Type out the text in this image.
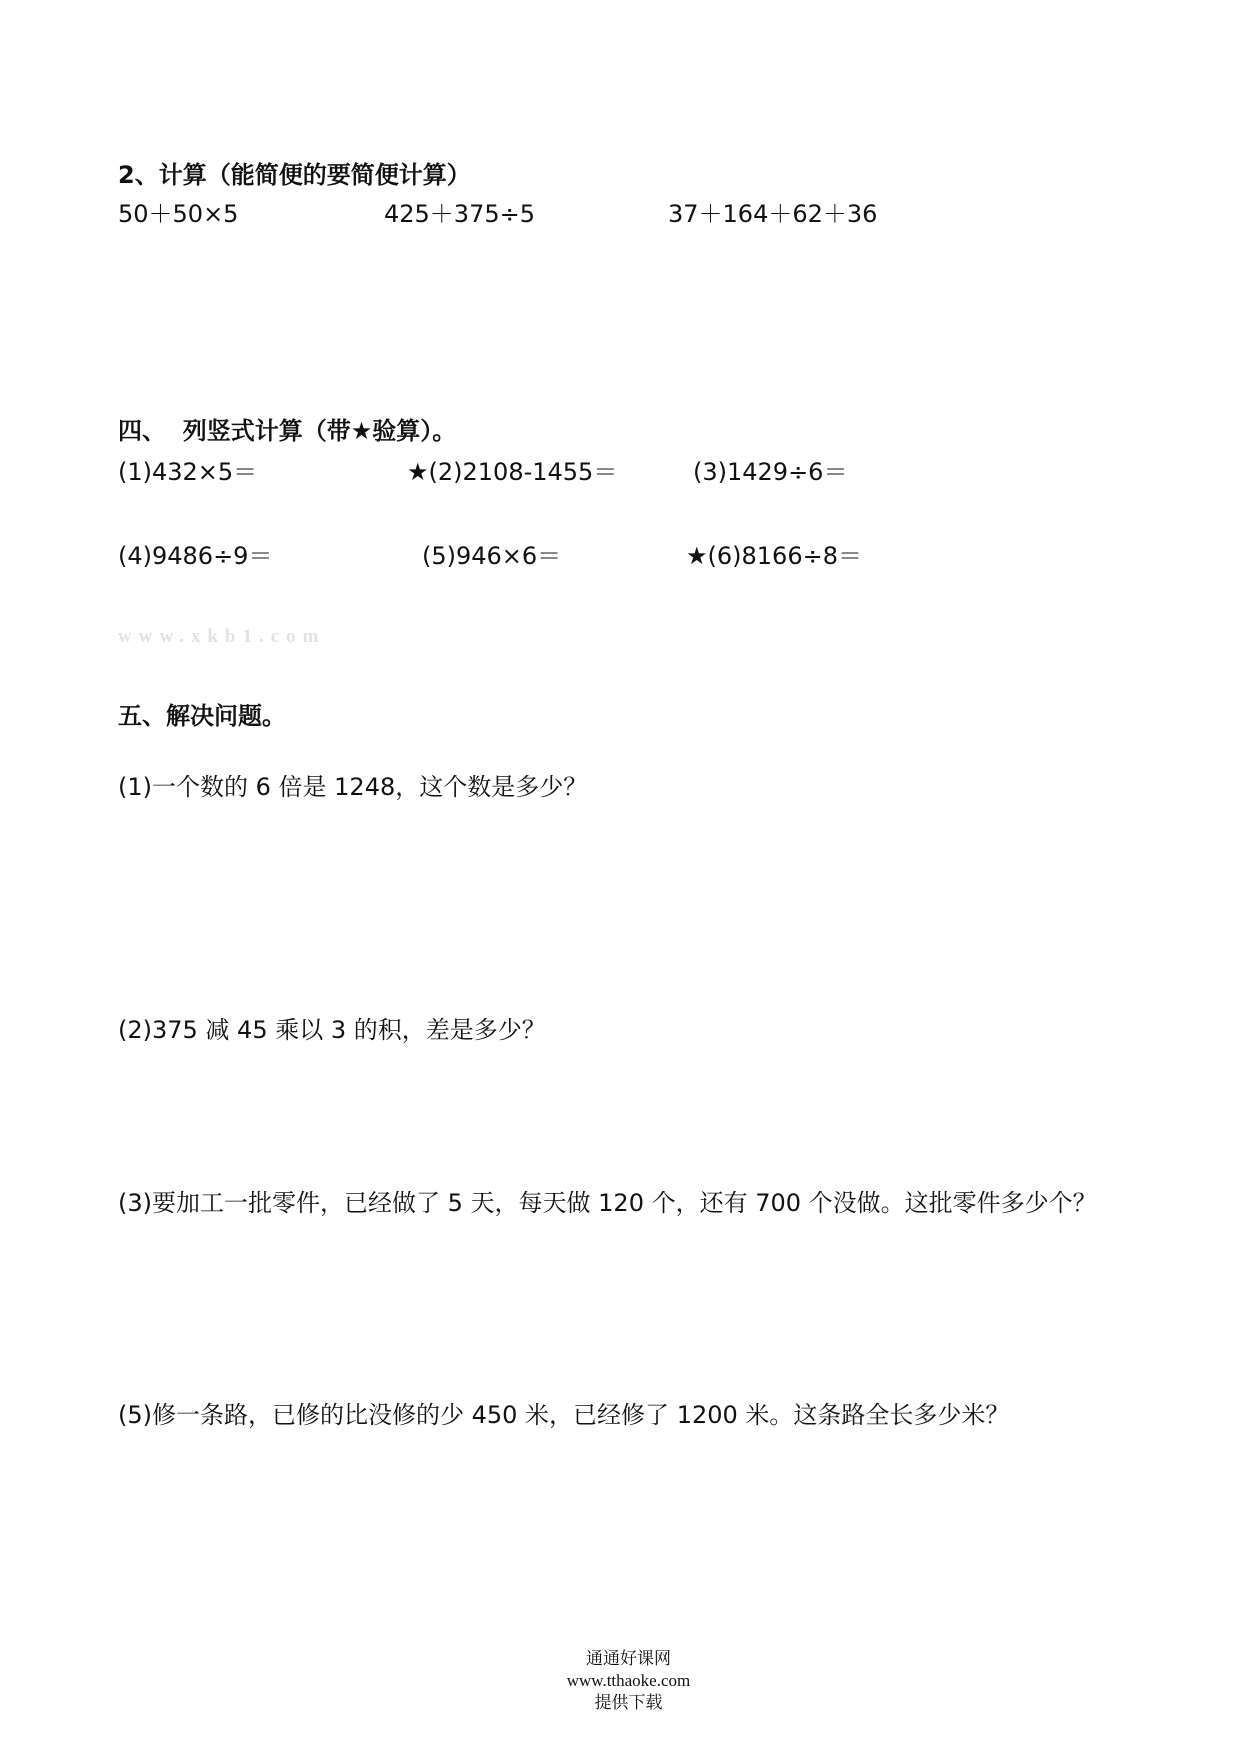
2、计算（能简便的要简便计算）
50＋50×5	425＋375÷5	37＋164＋62＋36
四、  列竖式计算（带★验算）。
(1)432×5＝	★(2)2108-1455＝	(3)1429÷6＝
(4)9486÷9＝	(5)946×6＝	★(6)8166÷8＝
www.xkb1.com
五、解决问题。
(1)一个数的 6 倍是 1248，这个数是多少？
(2)375 减 45 乘以 3 的积，差是多少？
(3)要加工一批零件，已经做了 5 天，每天做 120 个，还有 700 个没做。这批零件多少个？
(5)修一条路，已修的比没修的少 450 米，已经修了 1200 米。这条路全长多少米？

通通好课网
www.tthaoke.com
提供下载
